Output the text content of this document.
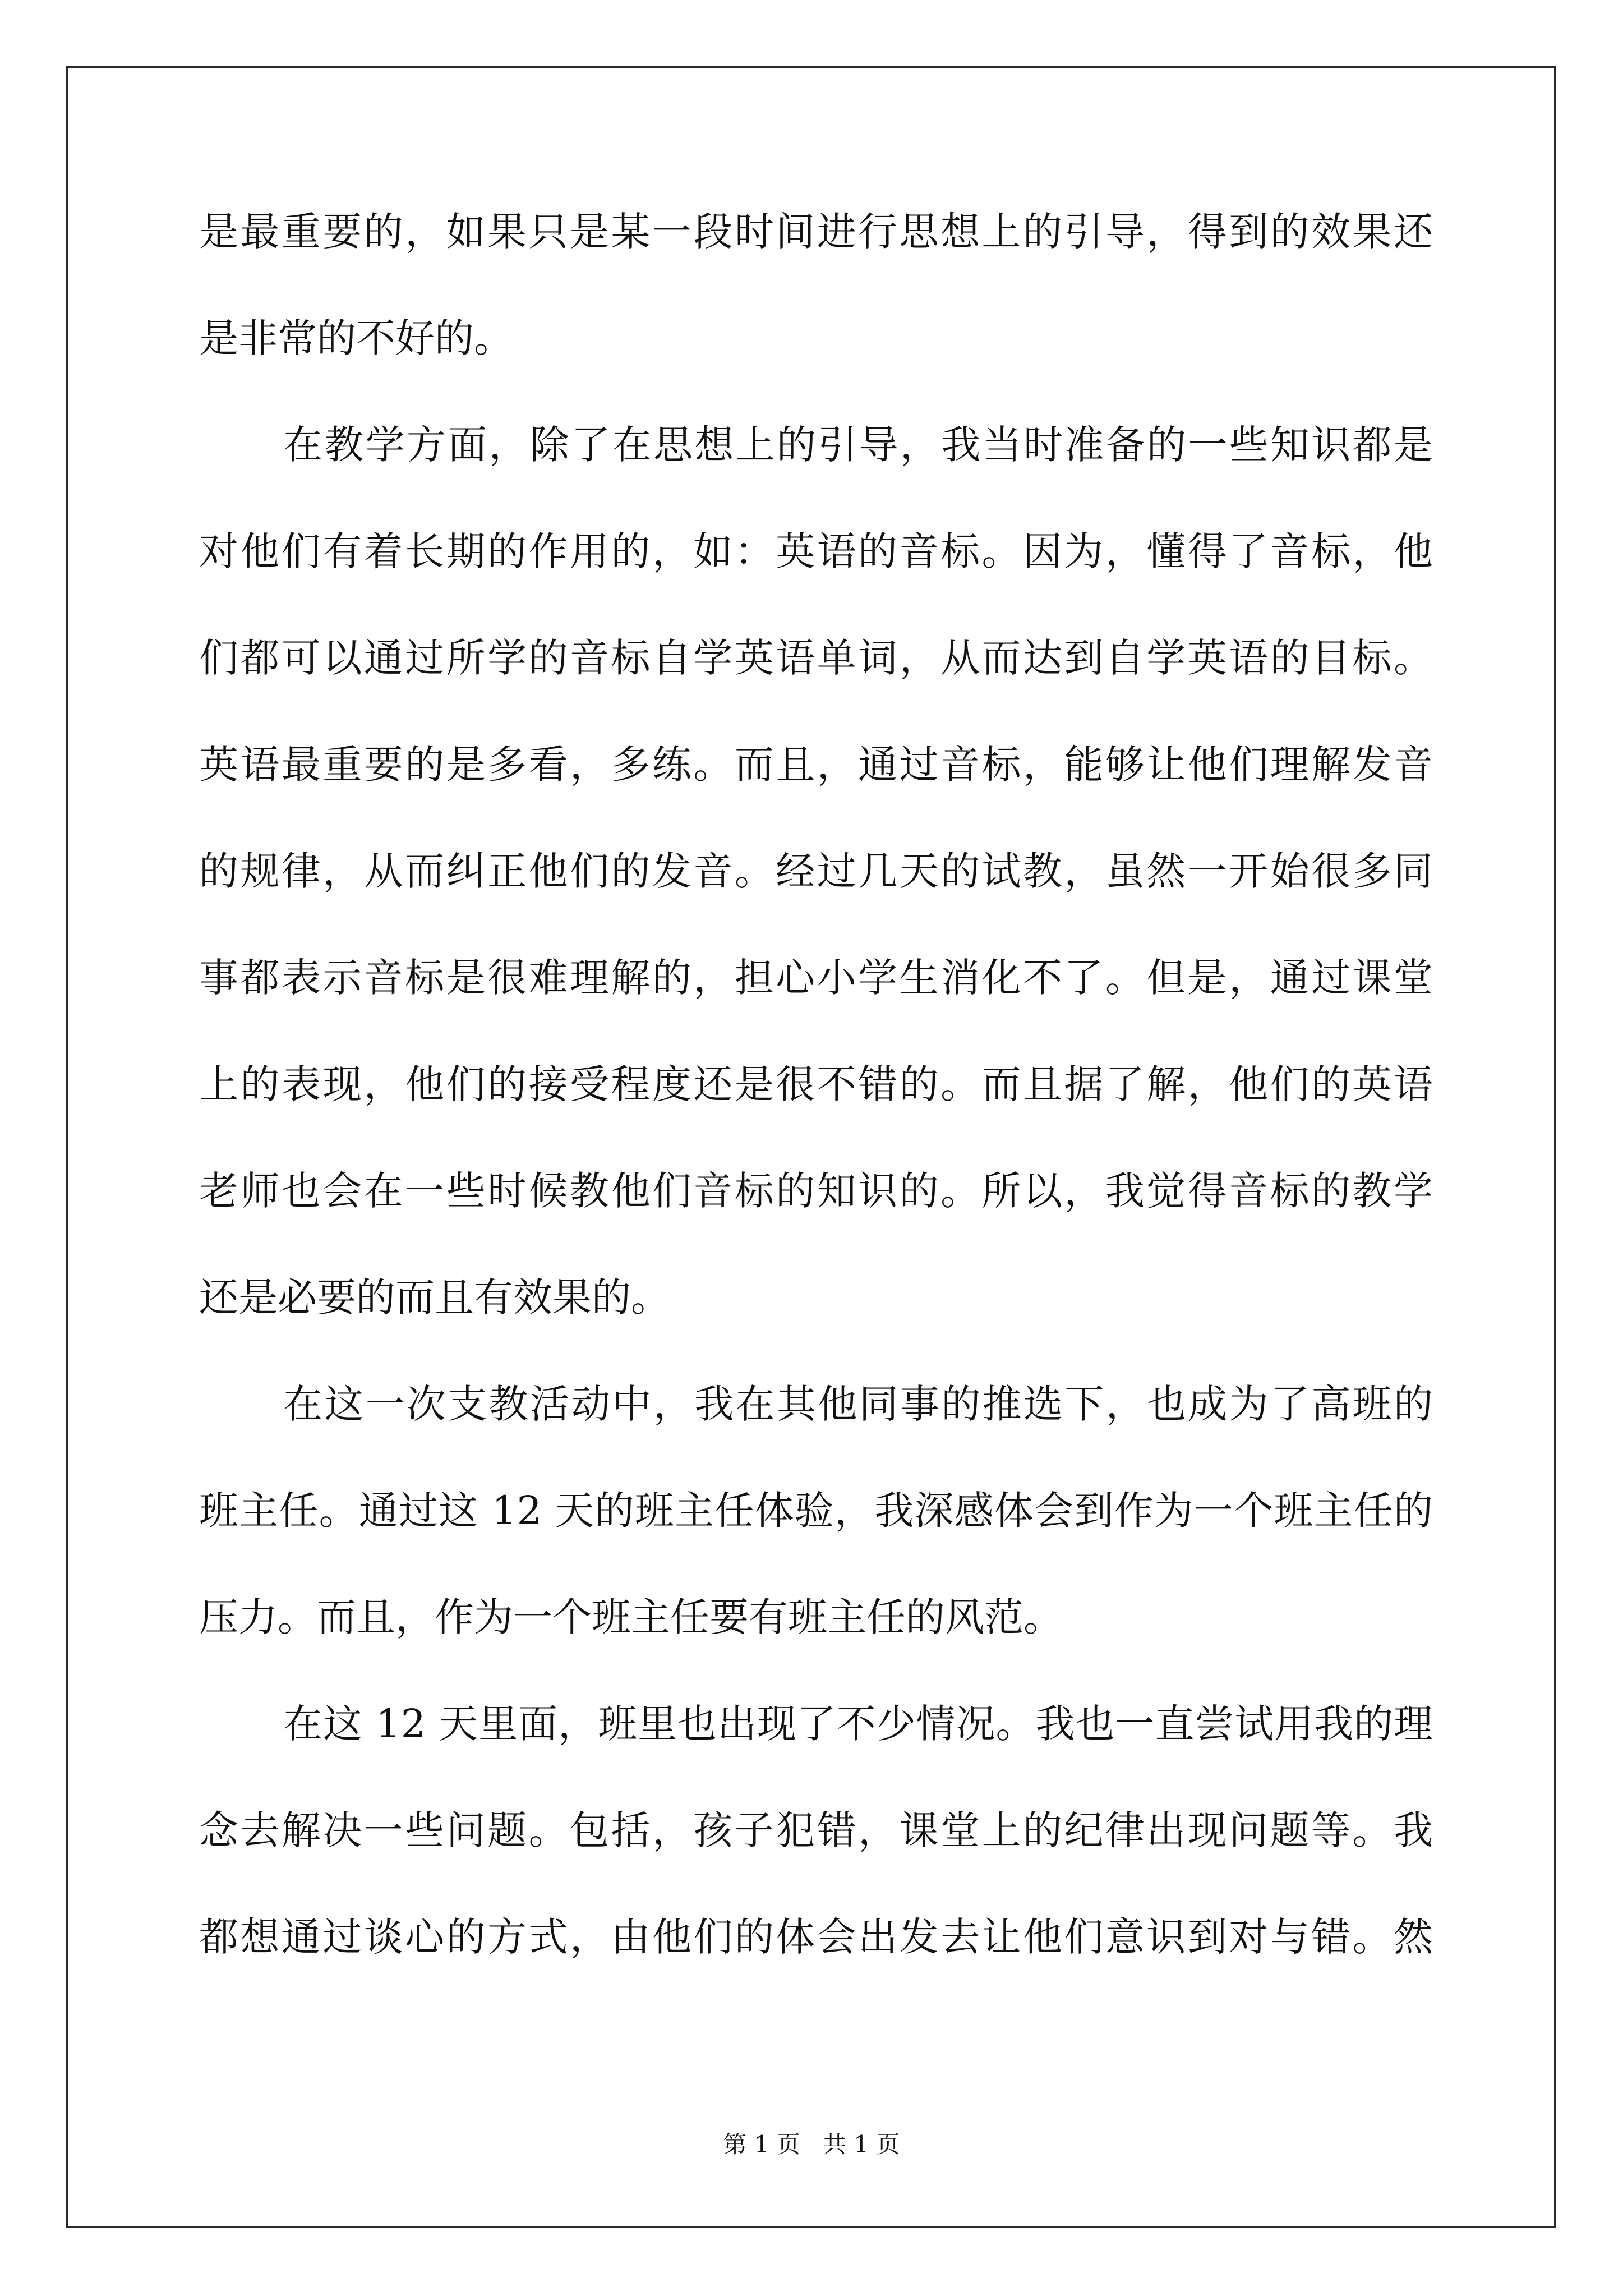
是最重要的，如果只是某一段时间进行思想上的引导，得到的效果还
是非常的不好的。
在教学方面，除了在思想上的引导，我当时准备的一些知识都是
对他们有着长期的作用的，如：英语的音标。因为，懂得了音标，他
们都可以通过所学的音标自学英语单词，从而达到自学英语的目标。
英语最重要的是多看，多练。而且，通过音标，能够让他们理解发音
的规律，从而纠正他们的发音。经过几天的试教，虽然一开始很多同
事都表示音标是很难理解的，担心小学生消化不了。但是，通过课堂
上的表现，他们的接受程度还是很不错的。而且据了解，他们的英语
老师也会在一些时候教他们音标的知识的。所以，我觉得音标的教学
还是必要的而且有效果的。
在这一次支教活动中，我在其他同事的推选下，也成为了高班的
班主任。通过这 12 天的班主任体验，我深感体会到作为一个班主任的
压力。而且，作为一个班主任要有班主任的风范。
在这 12 天里面，班里也出现了不少情况。我也一直尝试用我的理
念去解决一些问题。包括，孩子犯错，课堂上的纪律出现问题等。我
都想通过谈心的方式，由他们的体会出发去让他们意识到对与错。然
第 1 页 共 1 页
